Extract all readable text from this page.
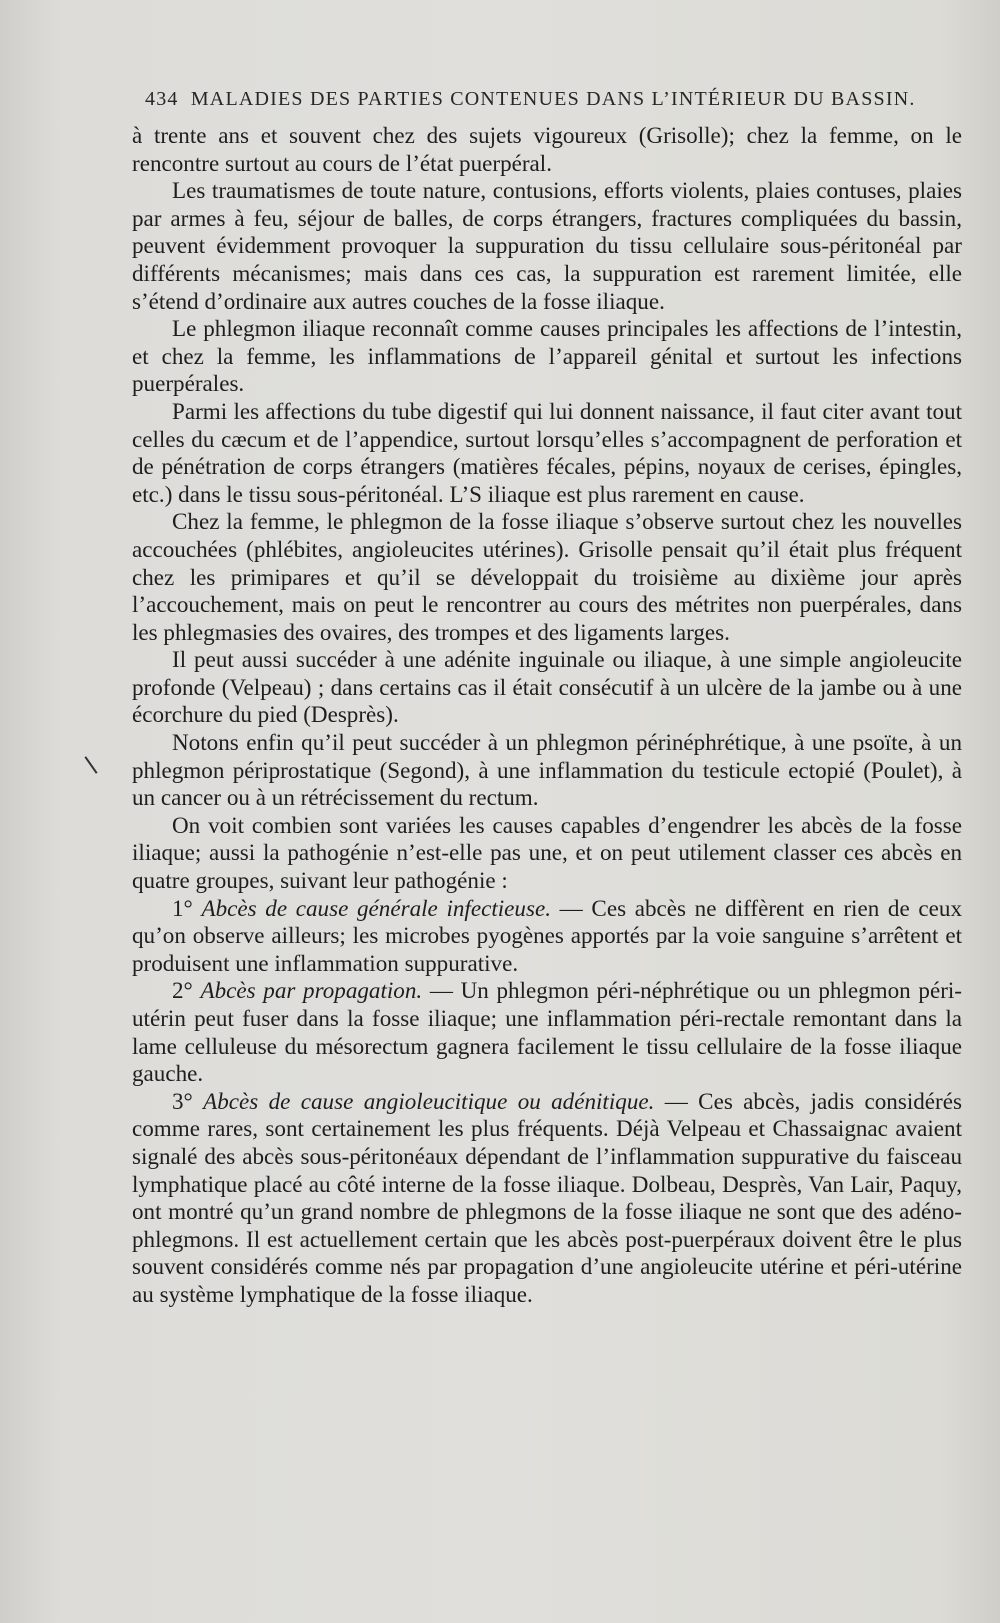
434 MALADIES DES PARTIES CONTENUES DANS L’INTÉRIEUR DU BASSIN.

à trente ans et souvent chez des sujets vigoureux (Grisolle); chez la femme, on le rencontre surtout au cours de l’état puerpéral.

Les traumatismes de toute nature, contusions, efforts violents, plaies contuses, plaies par armes à feu, séjour de balles, de corps étrangers, fractures compliquées du bassin, peuvent évidemment provoquer la suppuration du tissu cellulaire sous-péritonéal par différents mécanismes; mais dans ces cas, la suppuration est rarement limitée, elle s’étend d’ordinaire aux autres couches de la fosse iliaque.

Le phlegmon iliaque reconnaît comme causes principales les affections de l’intestin, et chez la femme, les inflammations de l’appareil génital et surtout les infections puerpérales.

Parmi les affections du tube digestif qui lui donnent naissance, il faut citer avant tout celles du cæcum et de l’appendice, surtout lorsqu’elles s’accompagnent de perforation et de pénétration de corps étrangers (matières fécales, pépins, noyaux de cerises, épingles, etc.) dans le tissu sous-péritonéal. L’S iliaque est plus rarement en cause.

Chez la femme, le phlegmon de la fosse iliaque s’observe surtout chez les nouvelles accouchées (phlébites, angioleucites utérines). Grisolle pensait qu’il était plus fréquent chez les primipares et qu’il se développait du troisième au dixième jour après l’accouchement, mais on peut le rencontrer au cours des métrites non puerpérales, dans les phlegmasies des ovaires, des trompes et des ligaments larges.

Il peut aussi succéder à une adénite inguinale ou iliaque, à une simple angioleucite profonde (Velpeau) ; dans certains cas il était consécutif à un ulcère de la jambe ou à une écorchure du pied (Desprès).

Notons enfin qu’il peut succéder à un phlegmon périnéphrétique, à une psoïte, à un phlegmon périprostatique (Segond), à une inflammation du testicule ectopié (Poulet), à un cancer ou à un rétrécissement du rectum.

On voit combien sont variées les causes capables d’engendrer les abcès de la fosse iliaque; aussi la pathogénie n’est-elle pas une, et on peut utilement classer ces abcès en quatre groupes, suivant leur pathogénie :

1° Abcès de cause générale infectieuse. — Ces abcès ne diffèrent en rien de ceux qu’on observe ailleurs; les microbes pyogènes apportés par la voie sanguine s’arrêtent et produisent une inflammation suppurative.

2° Abcès par propagation. — Un phlegmon péri-néphrétique ou un phlegmon péri-utérin peut fuser dans la fosse iliaque; une inflammation péri-rectale remontant dans la lame celluleuse du mésorectum gagnera facilement le tissu cellulaire de la fosse iliaque gauche.

3° Abcès de cause angioleucitique ou adénitique. — Ces abcès, jadis considérés comme rares, sont certainement les plus fréquents. Déjà Velpeau et Chassaignac avaient signalé des abcès sous-péritonéaux dépendant de l’inflammation suppurative du faisceau lymphatique placé au côté interne de la fosse iliaque. Dolbeau, Desprès, Van Lair, Paquy, ont montré qu’un grand nombre de phlegmons de la fosse iliaque ne sont que des adéno-phlegmons. Il est actuellement certain que les abcès post-puerpéraux doivent être le plus souvent considérés comme nés par propagation d’une angioleucite utérine et péri-utérine au système lymphatique de la fosse iliaque.
